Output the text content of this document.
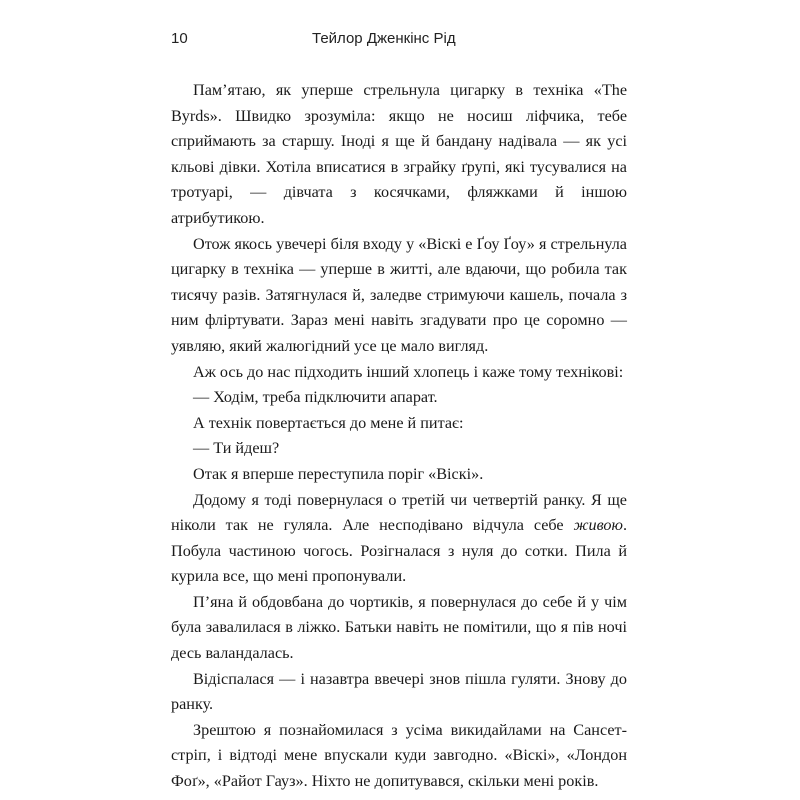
10	Тейлор Дженкінс Рід

Пам’ятаю, як уперше стрельнула цигарку в техніка «The Byrds». Швидко зрозуміла: якщо не носиш ліфчика, тебе сприймають за старшу. Іноді я ще й бандану надівала — як усі кльові дівки. Хотіла вписатися в зграйку ґрупі, які тусувалися на тротуарі, — дівчата з косячками, фляжками й іншою атрибутикою.

Отож якось увечері біля входу у «Віскі е Ґоу Ґоу» я стрельнула цигарку в техніка — уперше в житті, але вдаючи, що робила так тисячу разів. Затягнулася й, заледве стримуючи кашель, почала з ним фліртувати. Зараз мені навіть згадувати про це соромно — уявляю, який жалюгідний усе це мало вигляд.

Аж ось до нас підходить інший хлопець і каже тому технікові:

— Ходім, треба підключити апарат.

А технік повертається до мене й питає:

— Ти йдеш?

Отак я вперше переступила поріг «Віскі».

Додому я тоді повернулася о третій чи четвертій ранку. Я ще ніколи так не гуляла. Але несподівано відчула себе живою. Побула частиною чогось. Розігналася з нуля до сотки. Пила й курила все, що мені пропонували.

П’яна й обдовбана до чортиків, я повернулася до себе й у чім була завалилася в ліжко. Батьки навіть не помітили, що я пів ночі десь валандалась.

Відіспалася — і назавтра ввечері знов пішла гуляти. Знову до ранку.

Зрештою я познайомилася з усіма викидайлами на Сансет-стріп, і відтоді мене впускали куди завгодно. «Віскі», «Лондон Фоґ», «Райот Гауз». Ніхто не допитувався, скільки мені років.
